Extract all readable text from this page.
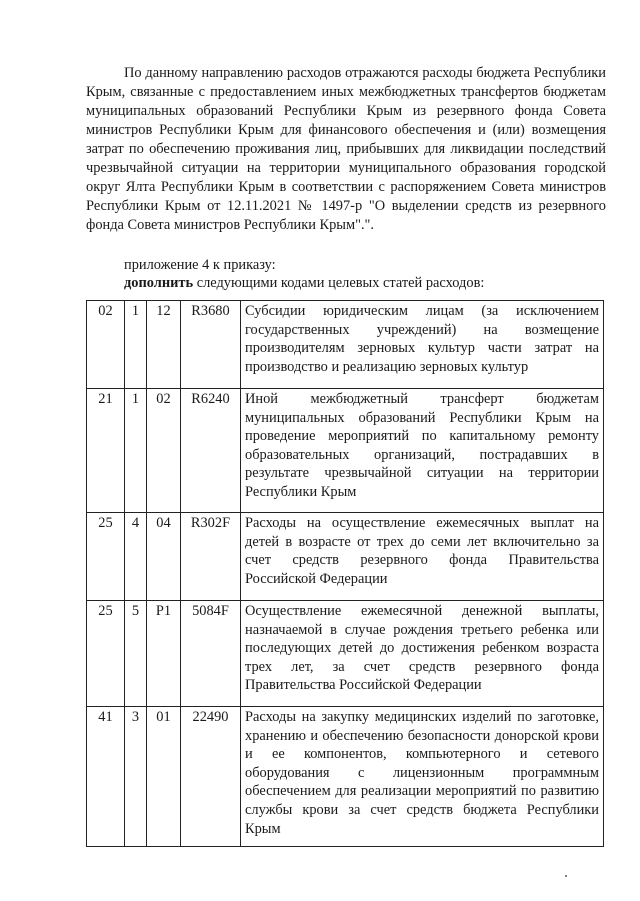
По данному направлению расходов отражаются расходы бюджета Республики Крым, связанные с предоставлением иных межбюджетных трансфертов бюджетам муниципальных образований Республики Крым из резервного фонда Совета министров Республики Крым для финансового обеспечения и (или) возмещения затрат по обеспечению проживания лиц, прибывших для ликвидации последствий чрезвычайной ситуации на территории муниципального образования городской округ Ялта Республики Крым в соответствии с распоряжением Совета министров Республики Крым от 12.11.2021 № 1497-р "О выделении средств из резервного фонда Совета министров Республики Крым".".

приложение 4 к приказу:
дополнить следующими кодами целевых статей расходов:
02	1	12	R3680	Субсидии юридическим лицам (за исключением государственных учреждений) на возмещение производителям зерновых культур части затрат на производство и реализацию зерновых культур
21	1	02	R6240	Иной межбюджетный трансферт бюджетам муниципальных образований Республики Крым на проведение мероприятий по капитальному ремонту образовательных организаций, пострадавших в результате чрезвычайной ситуации на территории Республики Крым
25	4	04	R302F	Расходы на осуществление ежемесячных выплат на детей в возрасте от трех до семи лет включительно за счет средств резервного фонда Правительства Российской Федерации
25	5	P1	5084F	Осуществление ежемесячной денежной выплаты, назначаемой в случае рождения третьего ребенка или последующих детей до достижения ребенком возраста трех лет, за счет средств резервного фонда Правительства Российской Федерации
41	3	01	22490	Расходы на закупку медицинских изделий по заготовке, хранению и обеспечению безопасности донорской крови и ее компонентов, компьютерного и сетевого оборудования с лицензионным программным обеспечением для реализации мероприятий по развитию службы крови за счет средств бюджета Республики Крым
